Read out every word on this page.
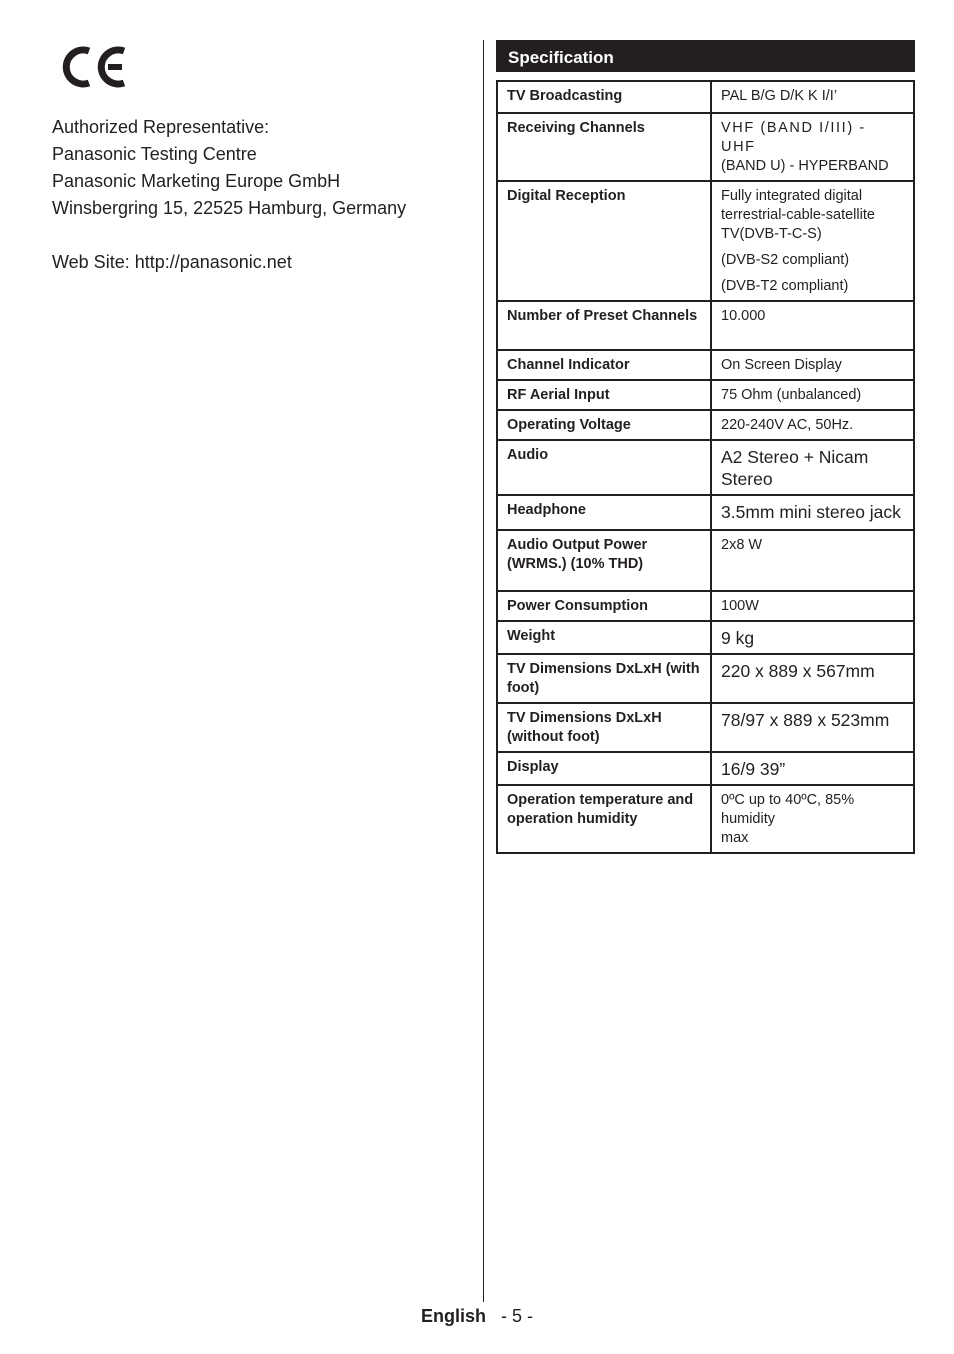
Authorized Representative:
Panasonic Testing Centre
Panasonic Marketing Europe GmbH
Winsbergring 15, 22525 Hamburg, Germany
Web Site: http://panasonic.net
Specification
TV Broadcasting	PAL B/G D/K K I/I’

Receiving Channels	VHF (BAND I/III) - UHF
(BAND U) - HYPERBAND

Digital Reception	Fully integrated digital
terrestrial-cable-satellite
TV(DVB-T-C-S)
(DVB-S2 compliant)
(DVB-T2 compliant)

Number of Preset Channels	10.000

Channel Indicator	On Screen Display

RF Aerial Input	75 Ohm (unbalanced)

Operating Voltage	220-240V AC, 50Hz.

Audio	A2 Stereo + Nicam Stereo

Headphone	3.5mm mini stereo jack

Audio Output Power (WRMS.) (10% THD)	2x8 W

Power Consumption	100W

Weight	9 kg

TV Dimensions DxLxH (with foot)	220 x 889 x 567mm

TV Dimensions DxLxH (without foot)	78/97 x 889 x 523mm

Display	16/9 39”

Operation temperature and operation humidity	0ºC up to 40ºC, 85% humidity
max
English - 5 -
